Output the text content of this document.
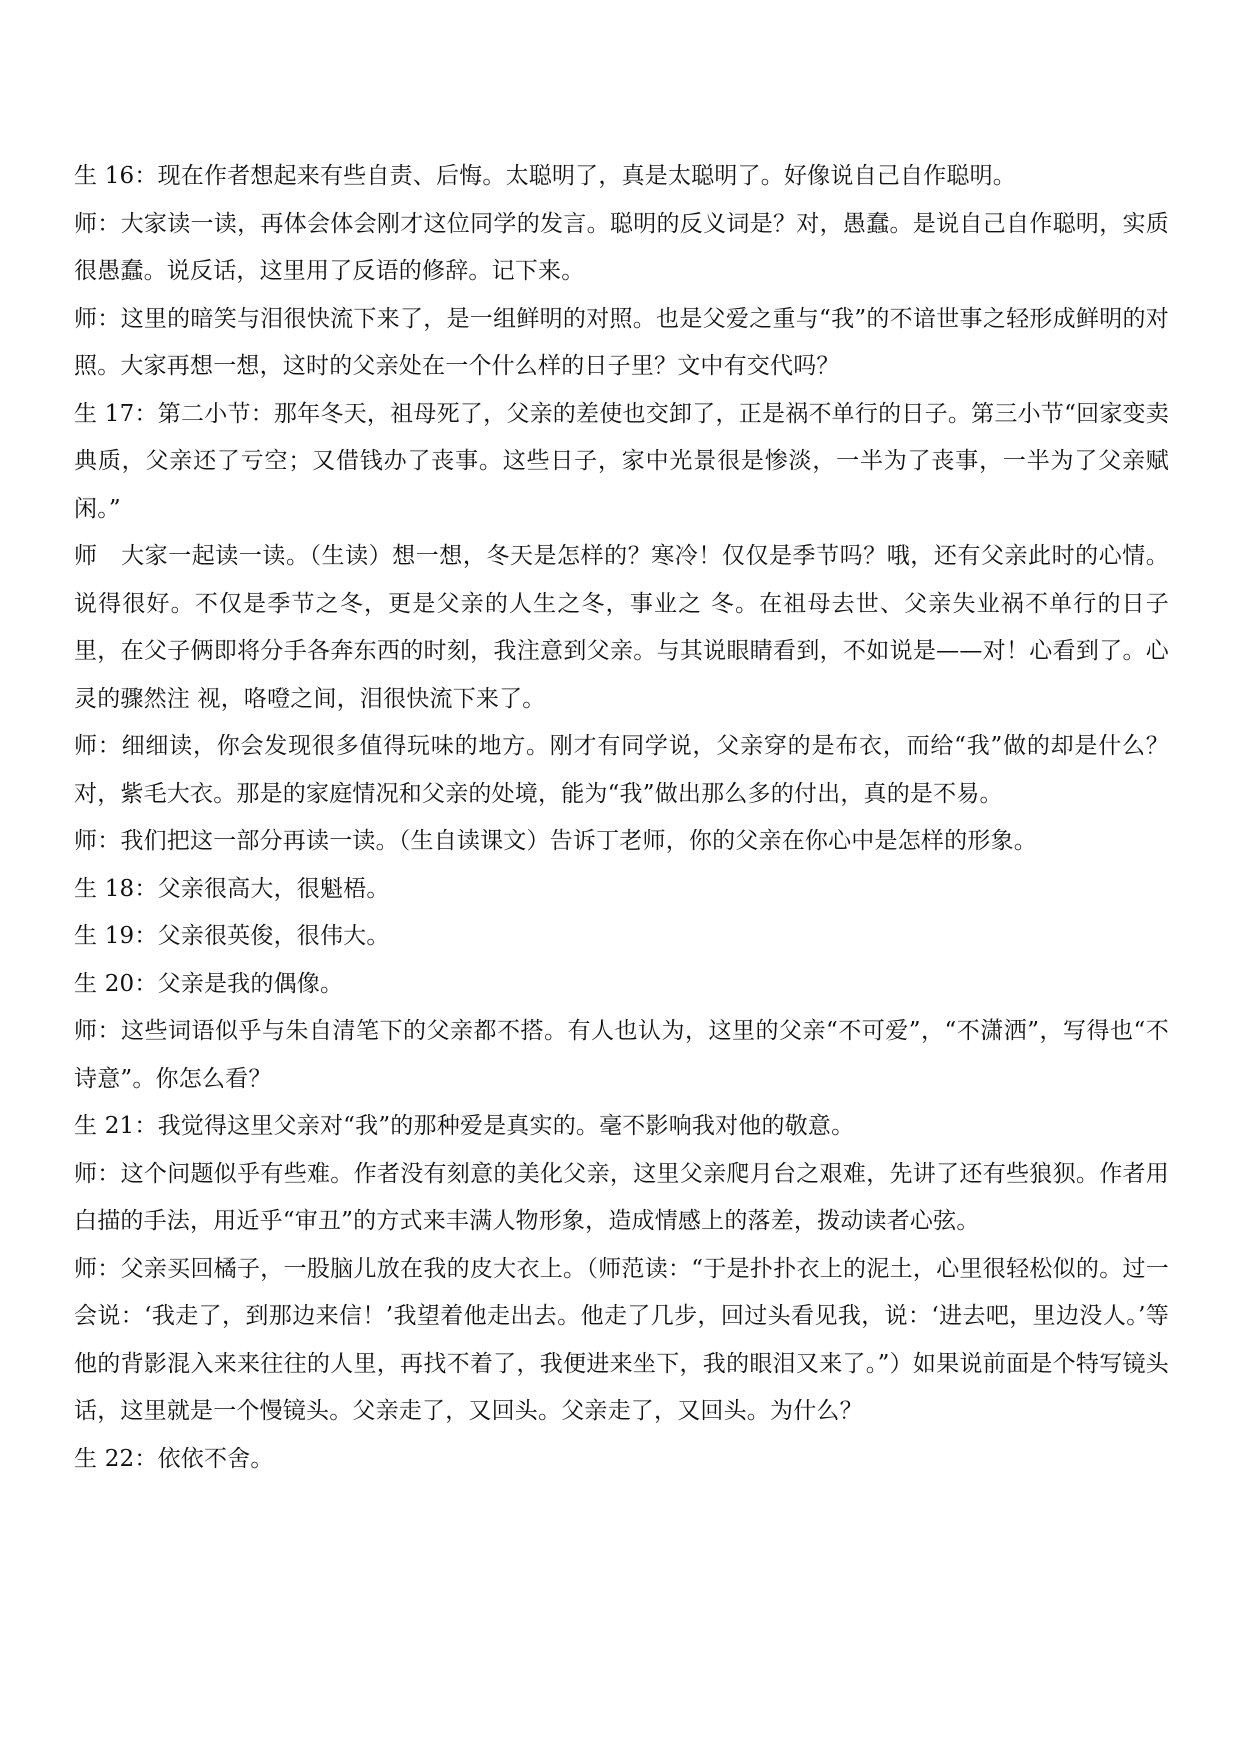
生 16：现在作者想起来有些自责、后悔。太聪明了，真是太聪明了。好像说自己自作聪明。

师：大家读一读，再体会体会刚才这位同学的发言。聪明的反义词是？对，愚蠢。是说自己自作聪明，实质很愚蠢。说反话，这里用了反语的修辞。记下来。

师：这里的暗笑与泪很快流下来了，是一组鲜明的对照。也是父爱之重与“我”的不谙世事之轻形成鲜明的对照。大家再想一想，这时的父亲处在一个什么样的日子里？文中有交代吗？

生 17：第二小节：那年冬天，祖母死了，父亲的差使也交卸了，正是祸不单行的日子。第三小节“回家变卖典质，父亲还了亏空；又借钱办了丧事。这些日子，家中光景很是惨淡，一半为了丧事，一半为了父亲赋闲。”

师　大家一起读一读。（生读）想一想，冬天是怎样的？寒冷！仅仅是季节吗？哦，还有父亲此时的心情。说得很好。不仅是季节之冬，更是父亲的人生之冬，事业之 冬。在祖母去世、父亲失业祸不单行的日子里，在父子俩即将分手各奔东西的时刻，我注意到父亲。与其说眼睛看到，不如说是——对！心看到了。心灵的骤然注 视，咯噔之间，泪很快流下来了。

师：细细读，你会发现很多值得玩味的地方。刚才有同学说，父亲穿的是布衣，而给“我”做的却是什么？对，紫毛大衣。那是的家庭情况和父亲的处境，能为“我”做出那么多的付出，真的是不易。

师：我们把这一部分再读一读。（生自读课文）告诉丁老师，你的父亲在你心中是怎样的形象。

生 18：父亲很高大，很魁梧。

生 19：父亲很英俊，很伟大。

生 20：父亲是我的偶像。

师：这些词语似乎与朱自清笔下的父亲都不搭。有人也认为，这里的父亲“不可爱”，“不潇洒”，写得也“不诗意”。你怎么看？

生 21：我觉得这里父亲对“我”的那种爱是真实的。毫不影响我对他的敬意。

师：这个问题似乎有些难。作者没有刻意的美化父亲，这里父亲爬月台之艰难，先讲了还有些狼狈。作者用白描的手法，用近乎“审丑”的方式来丰满人物形象，造成情感上的落差，拨动读者心弦。

师：父亲买回橘子，一股脑儿放在我的皮大衣上。（师范读：“于是扑扑衣上的泥土，心里很轻松似的。过一会说：‘我走了，到那边来信！’我望着他走出去。他走了几步，回过头看见我，说：‘进去吧，里边没人。’等他的背影混入来来往往的人里，再找不着了，我便进来坐下，我的眼泪又来了。”）如果说前面是个特写镜头话，这里就是一个慢镜头。父亲走了，又回头。父亲走了，又回头。为什么？

生 22：依依不舍。
